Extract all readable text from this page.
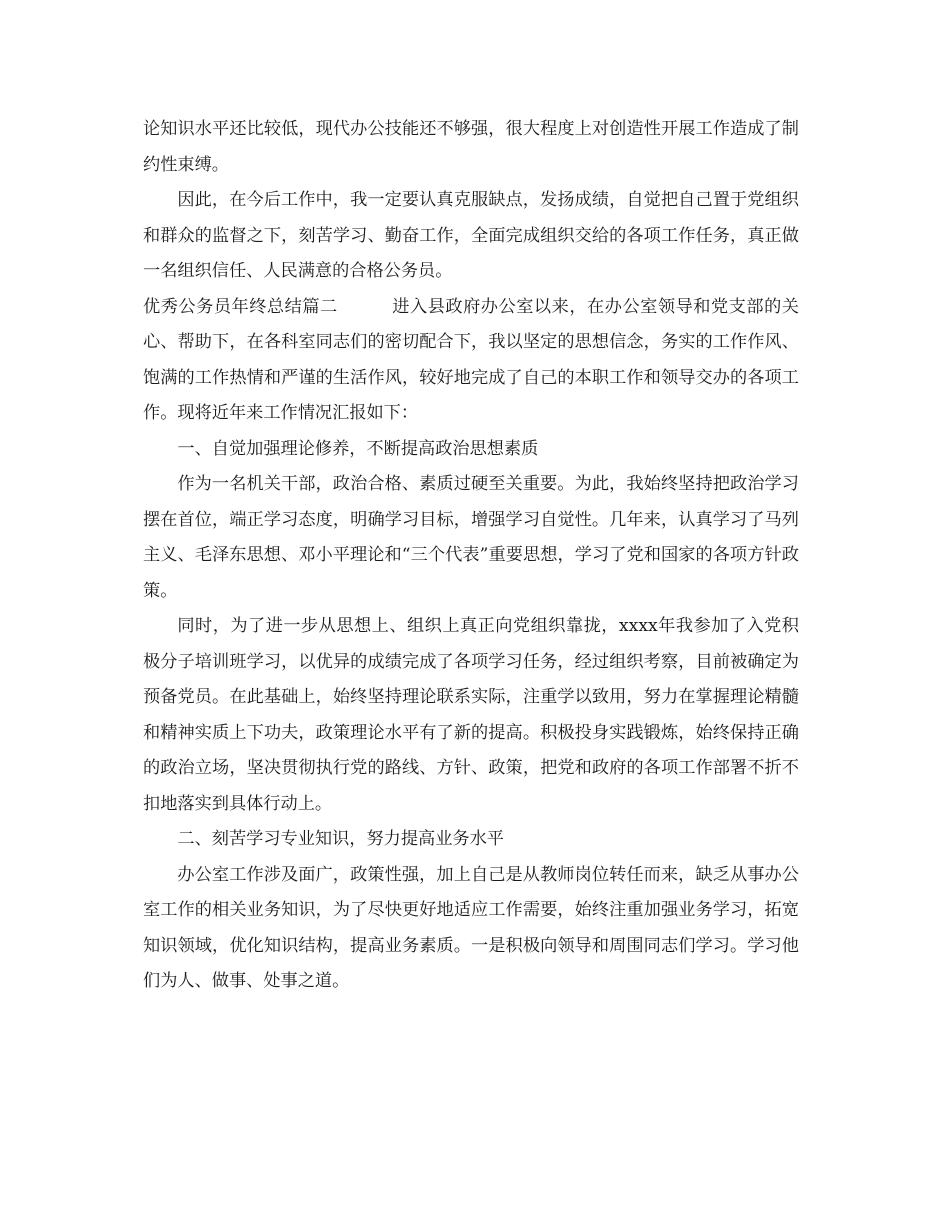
论知识水平还比较低，现代办公技能还不够强，很大程度上对创造性开展工作造成了制约性束缚。

因此，在今后工作中，我一定要认真克服缺点，发扬成绩，自觉把自己置于党组织和群众的监督之下，刻苦学习、勤奋工作，全面完成组织交给的各项工作任务，真正做一名组织信任、人民满意的合格公务员。

优秀公务员年终总结篇二	进入县政府办公室以来，在办公室领导和党支部的关心、帮助下，在各科室同志们的密切配合下，我以坚定的思想信念，务实的工作作风、饱满的工作热情和严谨的生活作风，较好地完成了自己的本职工作和领导交办的各项工作。现将近年来工作情况汇报如下：

一、自觉加强理论修养，不断提高政治思想素质

作为一名机关干部，政治合格、素质过硬至关重要。为此，我始终坚持把政治学习摆在首位，端正学习态度，明确学习目标，增强学习自觉性。几年来，认真学习了马列主义、毛泽东思想、邓小平理论和“三个代表”重要思想，学习了党和国家的各项方针政策。

同时，为了进一步从思想上、组织上真正向党组织靠拢，xxxx年我参加了入党积极分子培训班学习，以优异的成绩完成了各项学习任务，经过组织考察，目前被确定为预备党员。在此基础上，始终坚持理论联系实际，注重学以致用，努力在掌握理论精髓和精神实质上下功夫，政策理论水平有了新的提高。积极投身实践锻炼，始终保持正确的政治立场，坚决贯彻执行党的路线、方针、政策，把党和政府的各项工作部署不折不扣地落实到具体行动上。

二、刻苦学习专业知识，努力提高业务水平

办公室工作涉及面广，政策性强，加上自己是从教师岗位转任而来，缺乏从事办公室工作的相关业务知识，为了尽快更好地适应工作需要，始终注重加强业务学习，拓宽知识领域，优化知识结构，提高业务素质。一是积极向领导和周围同志们学习。学习他们为人、做事、处事之道。
